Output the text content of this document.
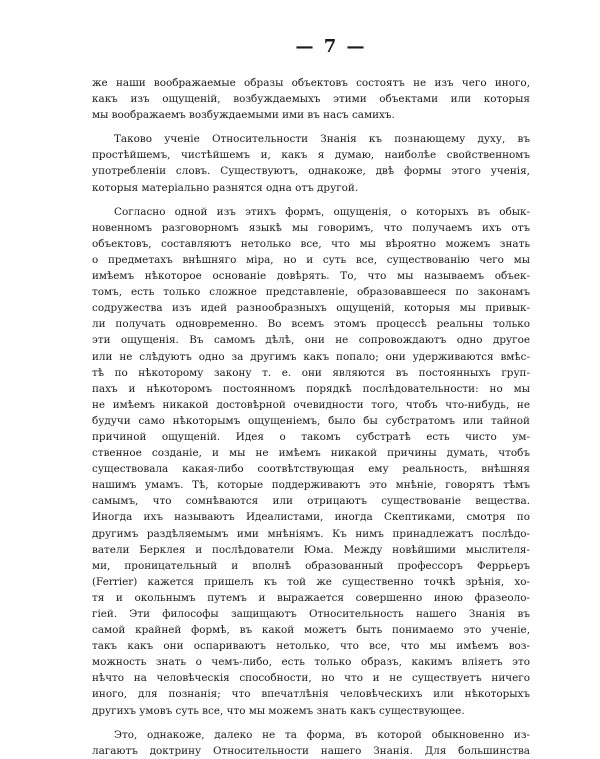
— 7 —
же наши воображаемые образы объектовъ состоятъ не изъ чего иного,
какъ изъ ощущеній, возбуждаемыхъ этими объектами или которыя
мы воображаемъ возбуждаемыми ими въ насъ самихъ.
Таково ученіе Относительности Знанія къ познающему духу, въ
простѣйшемъ, чистѣйшемъ и, какъ я думаю, наиболѣе свойственномъ
употребленіи словъ. Существуютъ, однакоже, двѣ формы этого ученія,
которыя матеріально разнятся одна отъ другой.
Согласно одной изъ этихъ формъ, ощущенія, о которыхъ въ обык-
новенномъ разговорномъ языкѣ мы говоримъ, что получаемъ ихъ отъ
объектовъ, составляютъ нетолько все, что мы вѣроятно можемъ знать
о предметахъ внѣшняго міра, но и суть все, существованію чего мы
имѣемъ нѣкоторое основаніе довѣрять. То, что мы называемъ объек-
томъ, есть только сложное представленіе, образовавшееся по законамъ
содружества изъ идей разнообразныхъ ощущеній, которыя мы привык-
ли получать одновременно. Во всемъ этомъ процессѣ реальны только
эти ощущенія. Въ самомъ дѣлѣ, они не сопровождаютъ одно другое
или не слѣдуютъ одно за другимъ какъ попало; они удерживаются вмѣс-
тѣ по нѣкоторому закону т. е. они являются въ постоянныхъ груп-
пахъ и нѣкоторомъ постоянномъ порядкѣ послѣдовательности: но мы
не имѣемъ никакой достовѣрной очевидности того, чтобъ что-нибудь, не
будучи само нѣкоторымъ ощущеніемъ, было бы субстратомъ или тайной
причиной ощущеній. Идея о такомъ субстратѣ есть чисто ум-
ственное созданіе, и мы не имѣемъ никакой причины думать, чтобъ
существовала какая-либо соотвѣтствующая ему реальность, внѣшняя
нашимъ умамъ. Тѣ, которые поддерживаютъ это мнѣніе, говорятъ тѣмъ
самымъ, что сомнѣваются или отрицаютъ существованіе вещества.
Иногда ихъ называютъ Идеалистами, иногда Скептиками, смотря по
другимъ раздѣляемымъ ими мнѣніямъ. Къ нимъ принадлежатъ послѣдо-
ватели Берклея и послѣдователи Юма. Между новѣйшими мыслителя-
ми, проницательный и вполнѣ образованный профессоръ Феррьеръ
(Ferrier) кажется пришелъ къ той же существенно точкѣ зрѣнія, хо-
тя и окольнымъ путемъ и выражается совершенно иною фразеоло-
гіей. Эти философы защищаютъ Относительность нашего Знанія въ
самой крайней формѣ, въ какой можетъ быть понимаемо это ученіе,
такъ какъ они оспариваютъ нетолько, что все, что мы имѣемъ воз-
можность знать о чемъ-либо, есть только образъ, какимъ вліяетъ это
нѣчто на человѣческія способности, но что и не существуетъ ничего
иного, для познанія; что впечатлѣнія человѣческихъ или нѣкоторыхъ
другихъ умовъ суть все, что мы можемъ знать какъ существующее.
Это, однакоже, далеко не та форма, въ которой обыкновенно из-
лагаютъ доктрину Относительности нашего Знанія. Для большинства
